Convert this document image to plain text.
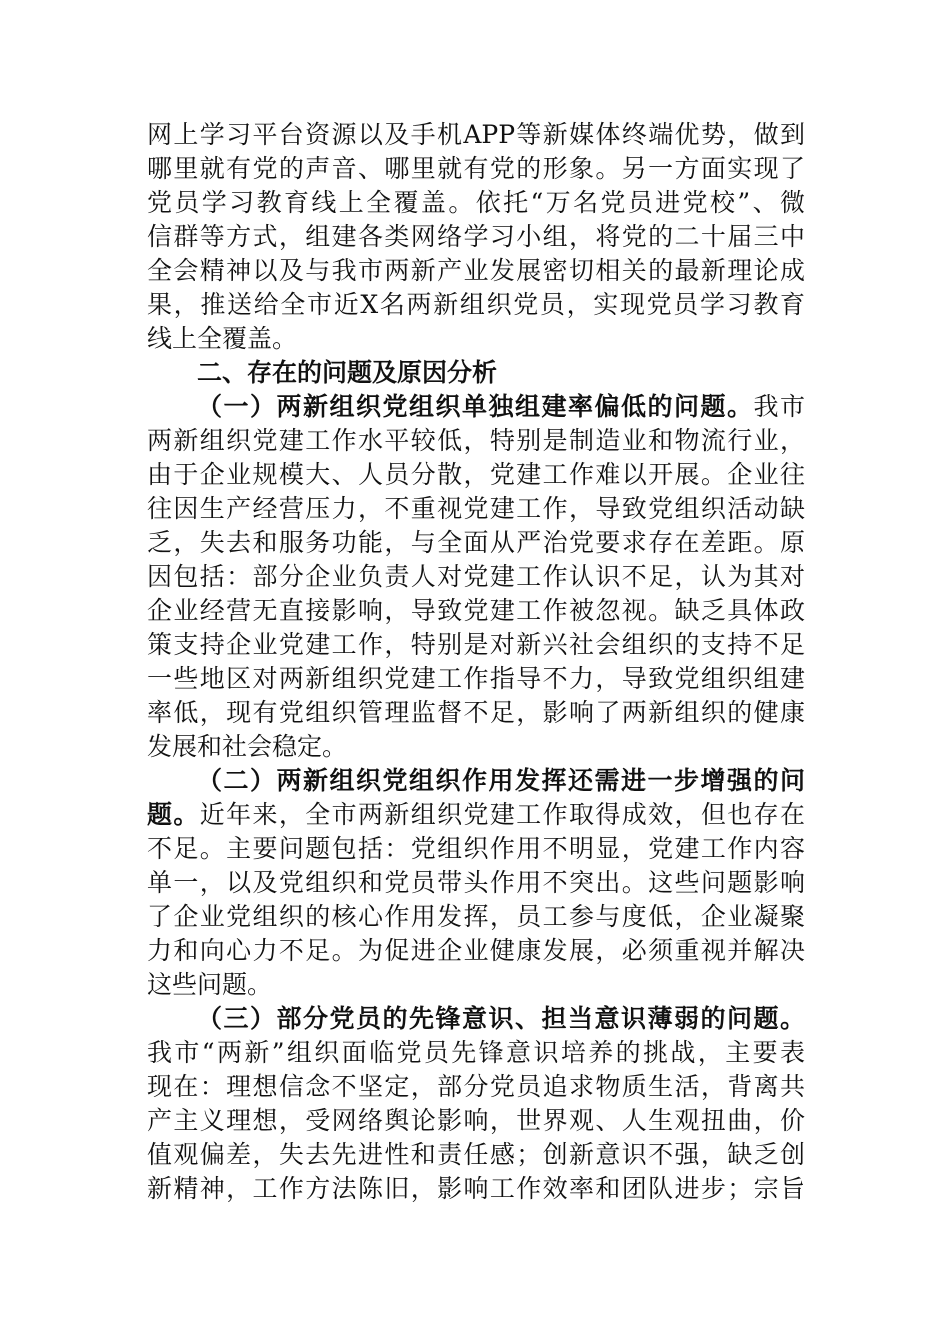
网上学习平台资源以及手机APP等新媒体终端优势，做到
哪里就有党的声音、哪里就有党的形象。另一方面实现了
党员学习教育线上全覆盖。依托“万名党员进党校”、微
信群等方式，组建各类网络学习小组，将党的二十届三中
全会精神以及与我市两新产业发展密切相关的最新理论成
果，推送给全市近X名两新组织党员，实现党员学习教育
线上全覆盖。
二、存在的问题及原因分析
（一）两新组织党组织单独组建率偏低的问题。我市
两新组织党建工作水平较低，特别是制造业和物流行业，
由于企业规模大、人员分散，党建工作难以开展。企业往
往因生产经营压力，不重视党建工作，导致党组织活动缺
乏，失去和服务功能，与全面从严治党要求存在差距。原
因包括：部分企业负责人对党建工作认识不足，认为其对
企业经营无直接影响，导致党建工作被忽视。缺乏具体政
策支持企业党建工作，特别是对新兴社会组织的支持不足
一些地区对两新组织党建工作指导不力，导致党组织组建
率低，现有党组织管理监督不足，影响了两新组织的健康
发展和社会稳定。
（二）两新组织党组织作用发挥还需进一步增强的问
题。近年来，全市两新组织党建工作取得成效，但也存在
不足。主要问题包括：党组织作用不明显，党建工作内容
单一，以及党组织和党员带头作用不突出。这些问题影响
了企业党组织的核心作用发挥，员工参与度低，企业凝聚
力和向心力不足。为促进企业健康发展，必须重视并解决
这些问题。
（三）部分党员的先锋意识、担当意识薄弱的问题。
我市“两新”组织面临党员先锋意识培养的挑战，主要表
现在：理想信念不坚定，部分党员追求物质生活，背离共
产主义理想，受网络舆论影响，世界观、人生观扭曲，价
值观偏差，失去先进性和责任感；创新意识不强，缺乏创
新精神，工作方法陈旧，影响工作效率和团队进步；宗旨
